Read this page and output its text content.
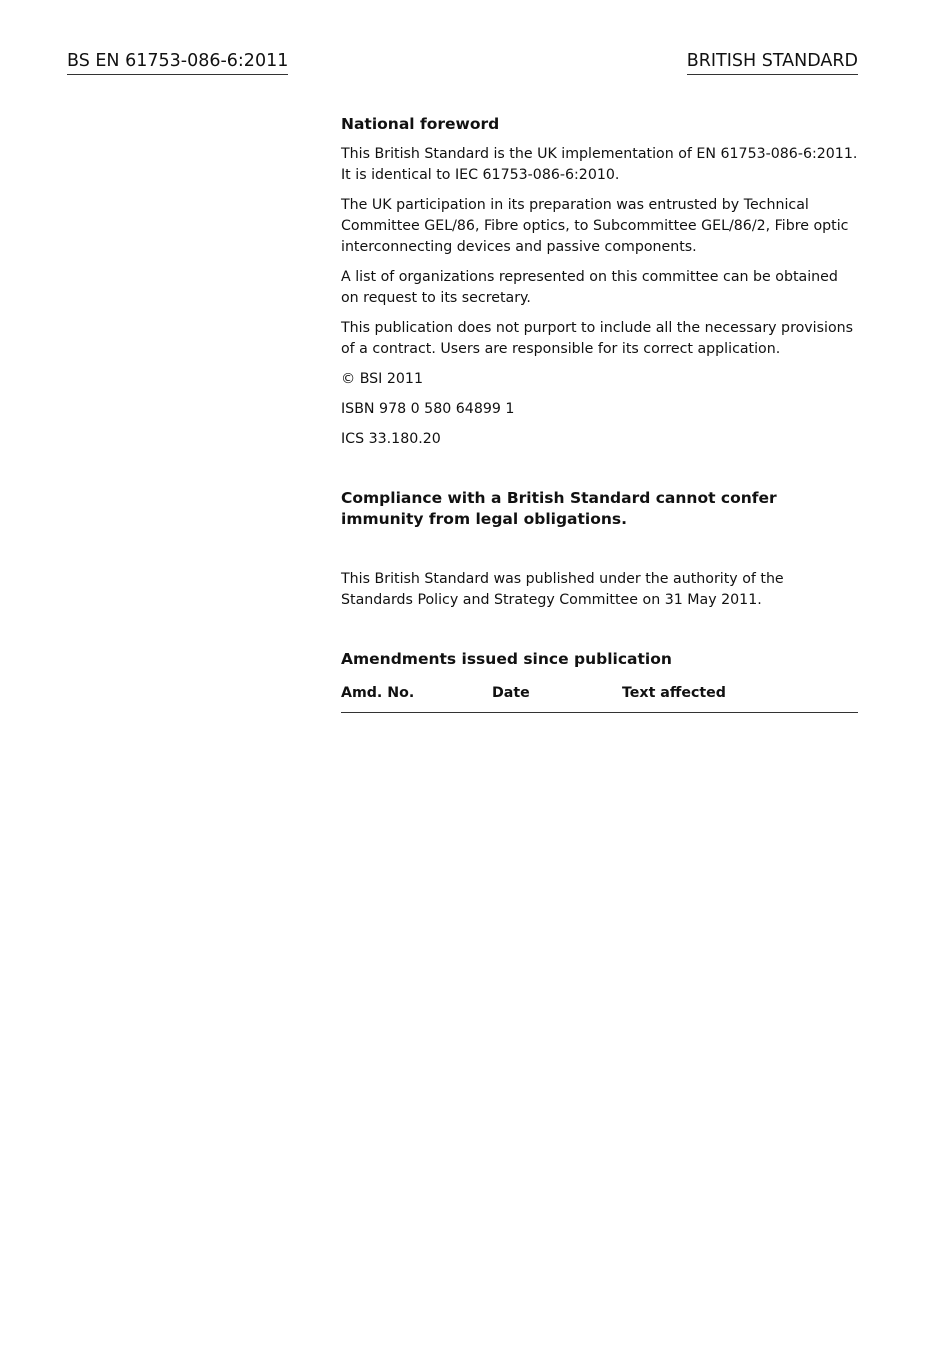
BS EN 61753-086-6:2011	BRITISH STANDARD
National foreword
This British Standard is the UK implementation of EN 61753-086-6:2011. It is identical to IEC 61753-086-6:2010.
The UK participation in its preparation was entrusted by Technical Committee GEL/86, Fibre optics, to Subcommittee GEL/86/2, Fibre optic interconnecting devices and passive components.
A list of organizations represented on this committee can be obtained on request to its secretary.
This publication does not purport to include all the necessary provisions of a contract. Users are responsible for its correct application.
© BSI 2011
ISBN 978 0 580 64899 1
ICS 33.180.20
Compliance with a British Standard cannot confer immunity from legal obligations.
This British Standard was published under the authority of the Standards Policy and Strategy Committee on 31 May 2011.
Amendments issued since publication
Amd. No.	Date	Text affected
